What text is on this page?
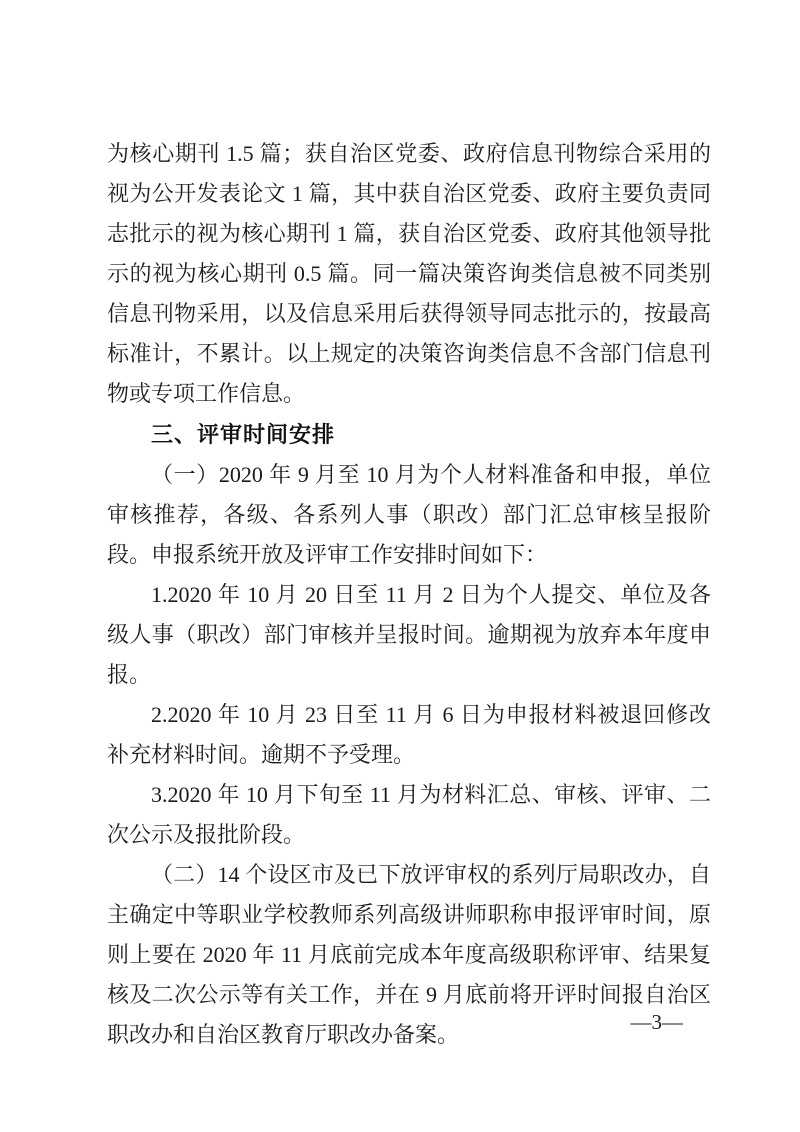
为核心期刊 1.5 篇；获自治区党委、政府信息刊物综合采用的视为公开发表论文 1 篇，其中获自治区党委、政府主要负责同志批示的视为核心期刊 1 篇，获自治区党委、政府其他领导批示的视为核心期刊 0.5 篇。同一篇决策咨询类信息被不同类别信息刊物采用，以及信息采用后获得领导同志批示的，按最高标准计，不累计。以上规定的决策咨询类信息不含部门信息刊物或专项工作信息。

三、评审时间安排

（一）2020 年 9 月至 10 月为个人材料准备和申报，单位审核推荐，各级、各系列人事（职改）部门汇总审核呈报阶段。申报系统开放及评审工作安排时间如下：

1.2020 年 10 月 20 日至 11 月 2 日为个人提交、单位及各级人事（职改）部门审核并呈报时间。逾期视为放弃本年度申报。

2.2020 年 10 月 23 日至 11 月 6 日为申报材料被退回修改补充材料时间。逾期不予受理。

3.2020 年 10 月下旬至 11 月为材料汇总、审核、评审、二次公示及报批阶段。

（二）14 个设区市及已下放评审权的系列厅局职改办，自主确定中等职业学校教师系列高级讲师职称申报评审时间，原则上要在 2020 年 11 月底前完成本年度高级职称评审、结果复核及二次公示等有关工作，并在 9 月底前将开评时间报自治区职改办和自治区教育厅职改办备案。	—3—
